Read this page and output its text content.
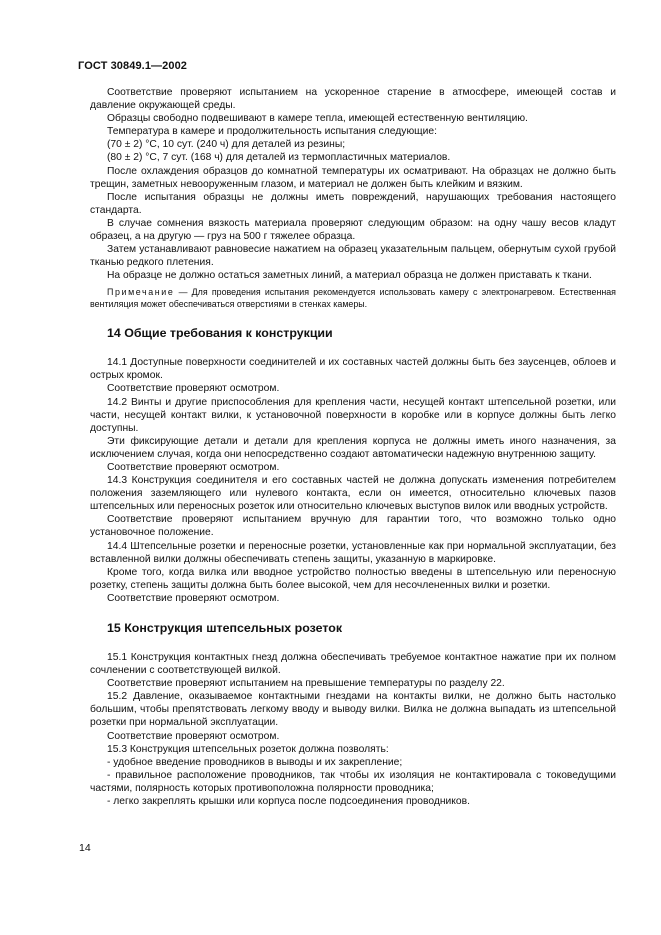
ГОСТ 30849.1—2002

Соответствие проверяют испытанием на ускоренное старение в атмосфере, имеющей состав и давление окружающей среды.

Образцы свободно подвешивают в камере тепла, имеющей естественную вентиляцию.

Температура в камере и продолжительность испытания следующие:

(70 ± 2) °С, 10 сут. (240 ч) для деталей из резины;

(80 ± 2) °С, 7 сут. (168 ч) для деталей из термопластичных материалов.

После охлаждения образцов до комнатной температуры их осматривают. На образцах не должно быть трещин, заметных невооруженным глазом, и материал не должен быть клейким и вязким.

После испытания образцы не должны иметь повреждений, нарушающих требования настоящего стандарта.

В случае сомнения вязкость материала проверяют следующим образом: на одну чашу весов кладут образец, а на другую — груз на 500 г тяжелее образца.

Затем устанавливают равновесие нажатием на образец указательным пальцем, обернутым сухой грубой тканью редкого плетения.

На образце не должно остаться заметных линий, а материал образца не должен приставать к ткани.

Примечание — Для проведения испытания рекомендуется использовать камеру с электронагревом. Естественная вентиляция может обеспечиваться отверстиями в стенках камеры.

14 Общие требования к конструкции

14.1 Доступные поверхности соединителей и их составных частей должны быть без заусенцев, облоев и острых кромок.

Соответствие проверяют осмотром.

14.2 Винты и другие приспособления для крепления части, несущей контакт штепсельной розетки, или части, несущей контакт вилки, к установочной поверхности в коробке или в корпусе должны быть легко доступны.

Эти фиксирующие детали и детали для крепления корпуса не должны иметь иного назначения, за исключением случая, когда они непосредственно создают автоматически надежную внутреннюю защиту.

Соответствие проверяют осмотром.

14.3 Конструкция соединителя и его составных частей не должна допускать изменения потребителем положения заземляющего или нулевого контакта, если он имеется, относительно ключевых пазов штепсельных или переносных розеток или относительно ключевых выступов вилок или вводных устройств.

Соответствие проверяют испытанием вручную для гарантии того, что возможно только одно установочное положение.

14.4 Штепсельные розетки и переносные розетки, установленные как при нормальной эксплуатации, без вставленной вилки должны обеспечивать степень защиты, указанную в маркировке.

Кроме того, когда вилка или вводное устройство полностью введены в штепсельную или переносную розетку, степень защиты должна быть более высокой, чем для несочлененных вилки и розетки.

Соответствие проверяют осмотром.

15 Конструкция штепсельных розеток

15.1 Конструкция контактных гнезд должна обеспечивать требуемое контактное нажатие при их полном сочленении с соответствующей вилкой.

Соответствие проверяют испытанием на превышение температуры по разделу 22.

15.2 Давление, оказываемое контактными гнездами на контакты вилки, не должно быть настолько большим, чтобы препятствовать легкому вводу и выводу вилки. Вилка не должна выпадать из штепсельной розетки при нормальной эксплуатации.

Соответствие проверяют осмотром.

15.3 Конструкция штепсельных розеток должна позволять:

- удобное введение проводников в выводы и их закрепление;

- правильное расположение проводников, так чтобы их изоляция не контактировала с токоведущими частями, полярность которых противоположна полярности проводника;

- легко закреплять крышки или корпуса после подсоединения проводников.

14
